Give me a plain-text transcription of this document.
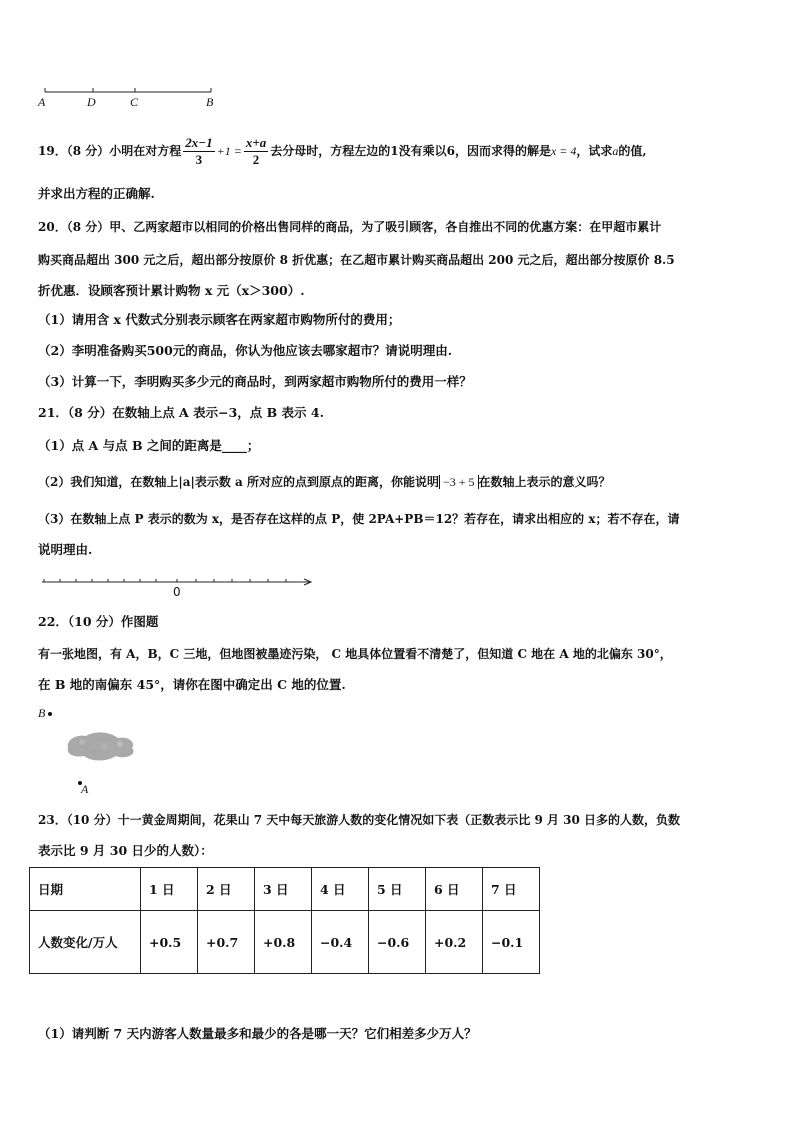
A	D	C	B
19．（8 分）小明在对方程 $\frac{2x-1}{3} +1 = \frac{x+a}{2}$ 去分母时，方程左边的1没有乘以6，因而求得的解是x = 4，试求a的值,
并求出方程的正确解.
20．（8 分）甲、乙两家超市以相同的价格出售同样的商品，为了吸引顾客，各自推出不同的优惠方案：在甲超市累计
购买商品超出 300 元之后，超出部分按原价 8 折优惠；在乙超市累计购买商品超出 200 元之后，超出部分按原价 8.5
折优惠．设顾客预计累计购物 x 元（x＞300）.
（1）请用含 x 代数式分别表示顾客在两家超市购物所付的费用；
（2）李明准备购买500元的商品，你认为他应该去哪家超市？请说明理由.
（3）计算一下，李明购买多少元的商品时，到两家超市购物所付的费用一样？
21．（8 分）在数轴上点 A 表示−3，点 B 表示 4.
（1）点 A 与点 B 之间的距离是____；
（2）我们知道，在数轴上|a|表示数 a 所对应的点到原点的距离，你能说明 −3 + 5 在数轴上表示的意义吗？
（3）在数轴上点 P 表示的数为 x，是否存在这样的点 P，使 2PA+PB＝12？若存在，请求出相应的 x；若不存在，请
说明理由.
0
22．（10 分）作图题
有一张地图，有 A，B，C 三地，但地图被墨迹污染， C 地具体位置看不清楚了，但知道 C 地在 A 地的北偏东 30°，
在 B 地的南偏东 45°，请你在图中确定出 C 地的位置.
B
A
23．（10 分）十一黄金周期间，花果山 7 天中每天旅游人数的变化情况如下表（正数表示比 9 月 30 日多的人数，负数
表示比 9 月 30 日少的人数）：
日期	1 日	2 日	3 日	4 日	5 日	6 日	7 日
人数变化/万人	+0.5	+0.7	+0.8	−0.4	−0.6	+0.2	−0.1
（1）请判断 7 天内游客人数量最多和最少的各是哪一天？它们相差多少万人？
